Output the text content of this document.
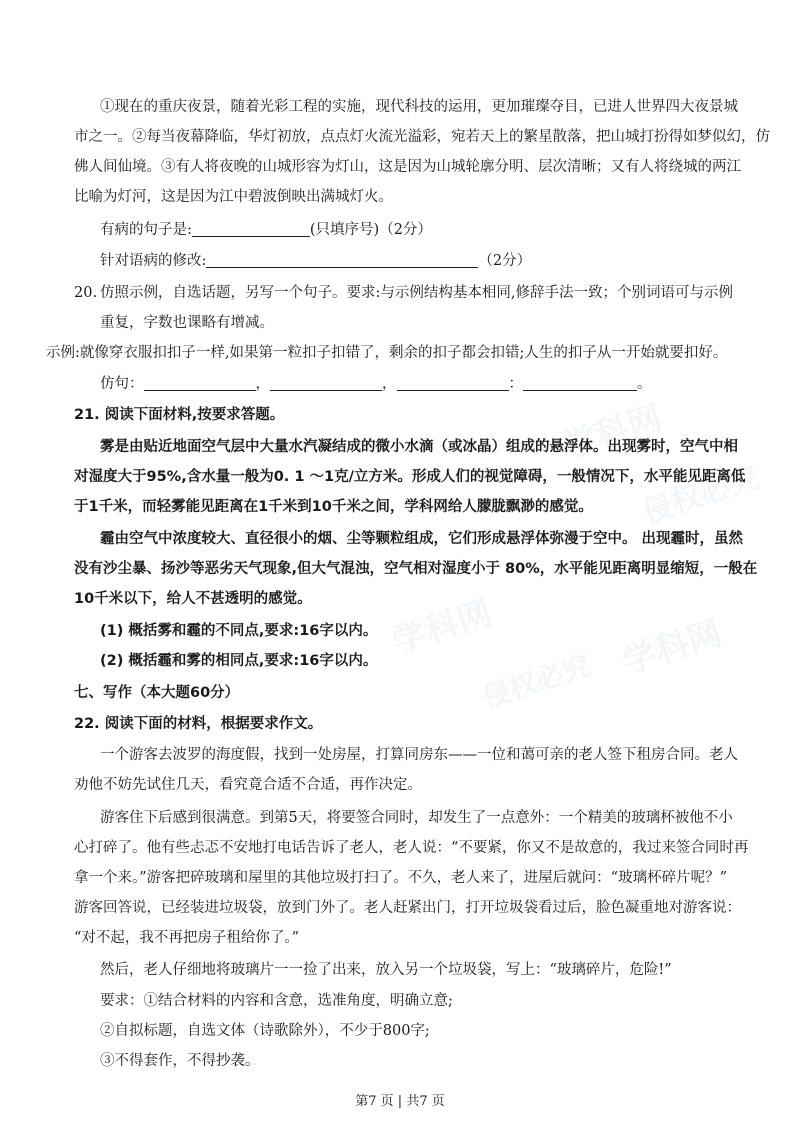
学科网
侵权必究
学科网
侵权必究 学科网
①现在的重庆夜景，随着光彩工程的实施，现代科技的运用，更加璀璨夺目，已进人世界四大夜景城
市之一。②每当夜幕降临，华灯初放，点点灯火流光溢彩，宛若天上的繁星散落，把山城打扮得如梦似幻，仿
佛人间仙境。③有人将夜晚的山城形容为灯山，这是因为山城轮廓分明、层次清晰；又有人将绕城的两江
比喻为灯河，这是因为江中碧波倒映出满城灯火。
有病的句子是:	(只填序号)（2分）
针对语病的修改:	（2分）
20. 仿照示例，自选话题，另写一个句子。要求:与示例结构基本相同,修辞手法一致；个别词语可与示例
重复，字数也课略有增减。
示例:就像穿衣服扣扣子一样,如果第一粒扣子扣错了，剩余的扣子都会扣错;人生的扣子从一开始就要扣好。
仿句：	，	，	：	。
21. 阅读下面材料,按要求答题。
雾是由贴近地面空气层中大量水汽凝结成的微小水滴（或冰晶）组成的悬浮体。出现雾时，空气中相
对湿度大于95%,含水量一般为0. 1 ～1克/立方米。形成人们的视觉障碍，一般情况下，水平能见距离低
于1千米，而轻雾能见距离在1千米到10千米之间，学科网给人朦胧飘渺的感觉。
霾由空气中浓度较大、直径很小的烟、尘等颗粒组成，它们形成悬浮体弥漫于空中。 出现霾时，虽然
没有沙尘暴、扬沙等恶劣天气现象,但大气混浊，空气相对湿度小于 80%，水平能见距离明显缩短，一般在
10千米以下，给人不甚透明的感觉。
(1) 概括雾和霾的不同点,要求:16字以内。
(2) 概括霾和雾的相同点,要求:16字以内。
七、写作（本大题60分）
22. 阅读下面的材料，根据要求作文。
一个游客去波罗的海度假，找到一处房屋，打算同房东——一位和蔼可亲的老人签下租房合同。老人
劝他不妨先试住几天，看究竟合适不合适，再作决定。
游客住下后感到很满意。到第5天，将要签合同时，却发生了一点意外：一个精美的玻璃杯被他不小
心打碎了。他有些忐忑不安地打电话告诉了老人，老人说：“不要紧，你又不是故意的，我过来签合同时再
拿一个来。”游客把碎玻璃和屋里的其他垃圾打扫了。不久，老人来了，进屋后就问：“玻璃杯碎片呢？”
游客回答说，已经装进垃圾袋，放到门外了。老人赶紧出门，打开垃圾袋看过后，脸色凝重地对游客说：
“对不起，我不再把房子租给你了。”
然后，老人仔细地将玻璃片一一捡了出来，放入另一个垃圾袋，写上：“玻璃碎片，危险!”
要求：①结合材料的内容和含意，选准角度，明确立意;
②自拟标题，自选文体（诗歌除外），不少于800字;
③不得套作，不得抄袭。
第7 页 | 共7 页
